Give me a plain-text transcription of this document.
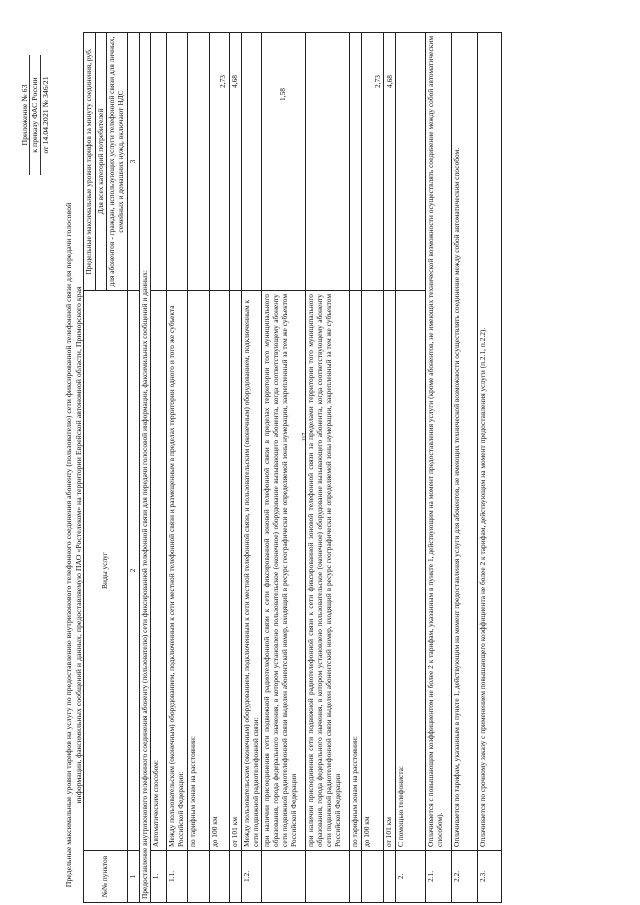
117
Приложение № 63 к приказу ФАС России от 14.04.2021 № 346/21
Предельные максимальные уровни тарифов на услугу по предоставлению внутризонового телефонного соединения абоненту (пользователю) сети фиксированной телефонной связи для передачи голосовой информации, факсимильных сообщений и данных, предоставляемую ПАО «Ростелеком» на территории Еврейской автономной области, Приморского края
№№ пунктов	Виды услуг	Предельные максимальные уровни тарифов за минуту соединения, руб.
		Для всех категорий потребителей
		для абонентов - граждан, использующих услуги телефонной связи для личных, семейных и домашних нужд, включают НДС
1	2	3
Предоставление внутризонового телефонного соединения абоненту (пользователю) сети фиксированной телефонной связи для передачи голосовой информации, факсимильных сообщений и данных:		
1.	Автоматическим способом:	
1.1.	Между пользовательским (оконечным) оборудованием, подключенным к сети местной телефонной связи и размещенным в пределах территории одного и того же субъекта Российской Федерации:	
	по тарифным зонам на расстоянии:	
	до 100 км	2,73
	от 101 км	4,68
1.2.	Между пользовательским (оконечным) оборудованием, подключенным к сети местной телефонной связи, и пользовательским (оконечным) оборудованием, подключенным к сети подвижной радиотелефонной связи:	
	при наличии присоединения сети подвижной радиотелефонной связи к сети фиксированной зоновой телефонной связи в пределах территории того муниципального образования, города федерального значения, в котором установлено пользовательское (оконечное) оборудование вызывающего абонента, когда соответствующему абоненту сети подвижной радиотелефонной связи выделен абонентский номер, входящий в ресурс географически не определяемой зоны нумерации, закрепленный за тем же субъектом Российской Федерации	1,58
	при наличии присоединения сети подвижной радиотелефонной связи к сети фиксированной зоновой телефонной связи за пределами территории того муниципального образования, города федерального значения, в котором установлено пользовательское (оконечное) оборудование вызывающего абонента, когда соответствующему абоненту сети подвижной радиотелефонной связи выделен абонентский номер, входящий в ресурс географически не определяемой зоны нумерации, закрепленный за тем же субъектом Российской Федерации	
	по тарифным зонам на расстоянии:	
	до 100 км	2,73
	от 101 км	4,68
2.	С помощью телефониста:	
2.1.	Оплачивается с повышающим коэффициентом не более 2 к тарифам, указанным в пункте 1, действующим на момент предоставления услуги (кроме абонентов, не имеющих технической возможности осуществлять соединение между собой автоматическим способом).	
2.2.	Оплачивается по тарифам, указанным в пункте 1, действующим на момент предоставления услуги для абонентов, не имеющих технической возможности осуществлять соединение между собой автоматическим способом.	
2.3.	Оплачивается по срочному заказу с применением повышающего коэффициента не более 2 к тарифам, действующим на момент предоставления услуги (п.2.1, п.2.2).	
